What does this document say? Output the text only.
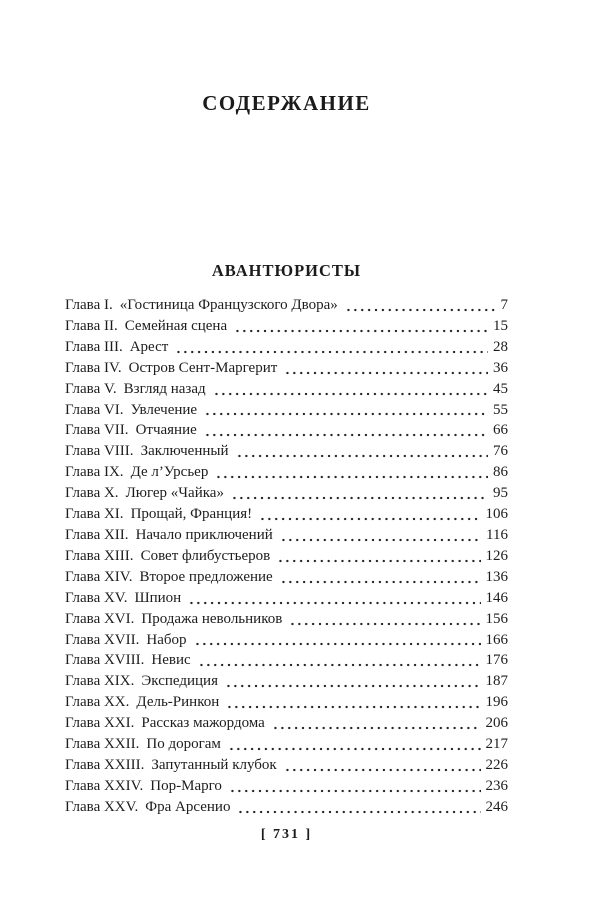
СОДЕРЖАНИЕ
АВАНТЮРИСТЫ
Глава I. «Гостиница Французского Двора»	7
Глава II. Семейная сцена	15
Глава III. Арест	28
Глава IV. Остров Сент-Маргерит	36
Глава V. Взгляд назад	45
Глава VI. Увлечение	55
Глава VII. Отчаяние	66
Глава VIII. Заключенный	76
Глава IX. Де л’Урсьер	86
Глава X. Люгер «Чайка»	95
Глава XI. Прощай, Франция!	106
Глава XII. Начало приключений	116
Глава XIII. Совет флибустьеров	126
Глава XIV. Второе предложение	136
Глава XV. Шпион	146
Глава XVI. Продажа невольников	156
Глава XVII. Набор	166
Глава XVIII. Невис	176
Глава XIX. Экспедиция	187
Глава XX. Дель-Ринкон	196
Глава XXI. Рассказ мажордома	206
Глава XXII. По дорогам	217
Глава XXIII. Запутанный клубок	226
Глава XXIV. Пор-Марго	236
Глава XXV. Фра Арсенио	246
[ 731 ]
